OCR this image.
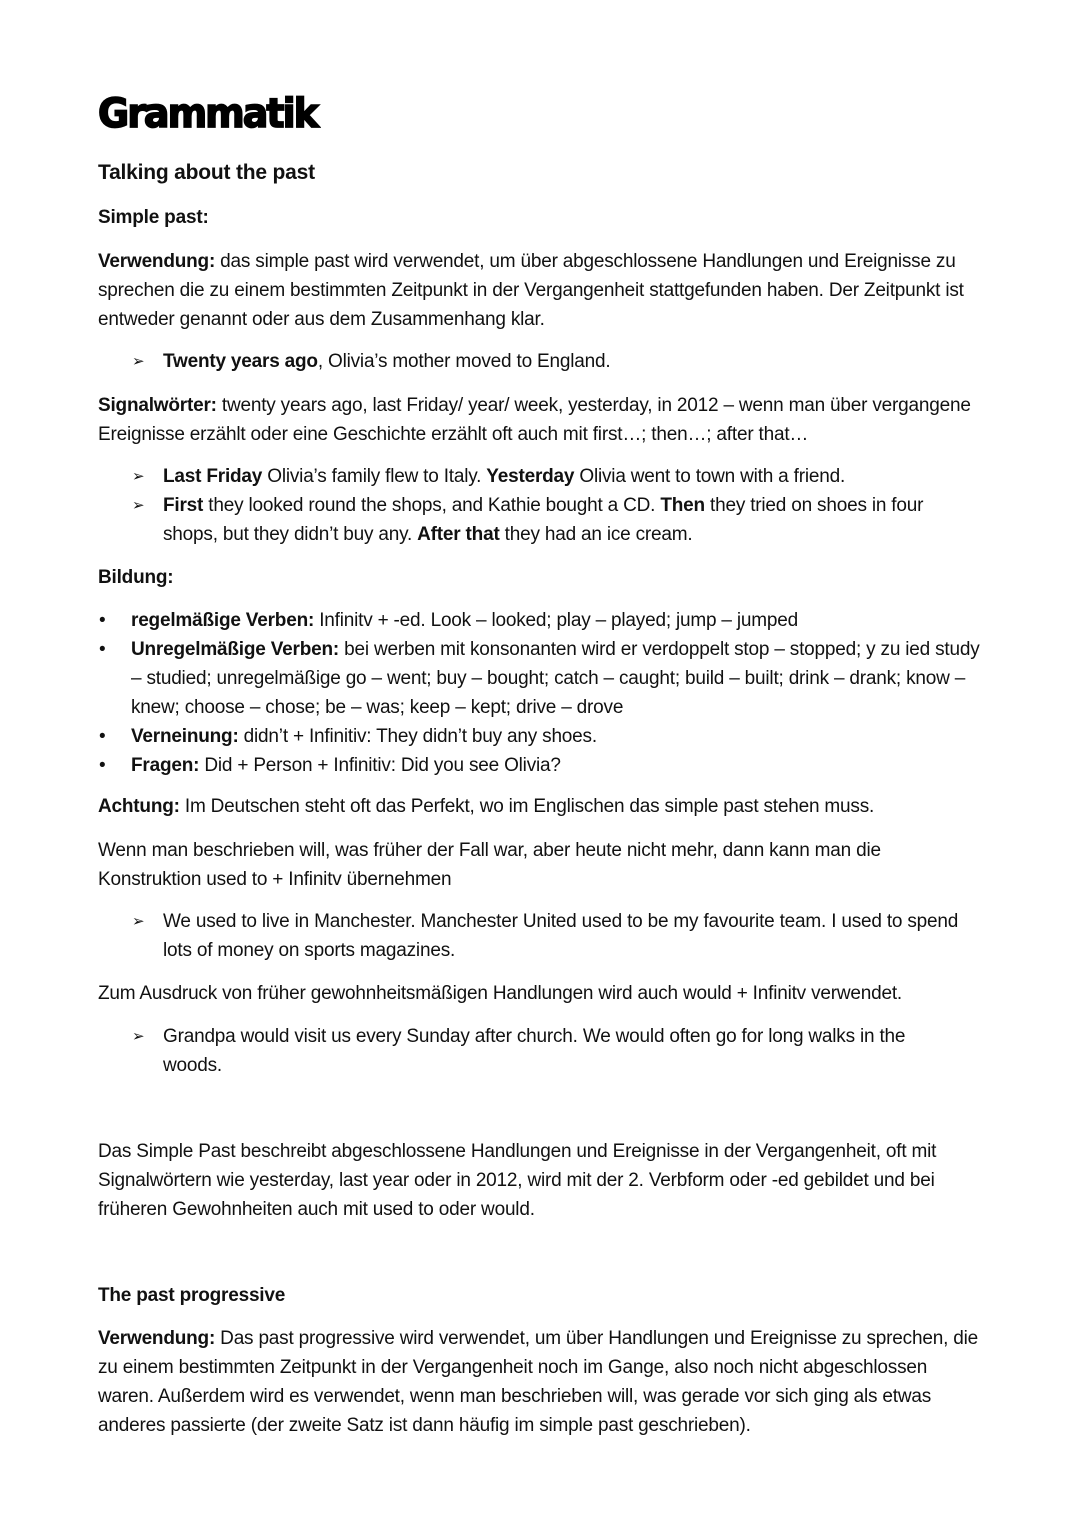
Grammatik
Talking about the past
Simple past:
Verwendung: das simple past wird verwendet, um über abgeschlossene Handlungen und Ereignisse zu sprechen die zu einem bestimmten Zeitpunkt in der Vergangenheit stattgefunden haben. Der Zeitpunkt ist entweder genannt oder aus dem Zusammenhang klar.
➢ Twenty years ago, Olivia’s mother moved to England.
Signalwörter: twenty years ago, last Friday/ year/ week, yesterday, in 2012 – wenn man über vergangene Ereignisse erzählt oder eine Geschichte erzählt oft auch mit first…; then…; after that…
➢ Last Friday Olivia’s family flew to Italy. Yesterday Olivia went to town with a friend.
➢ First they looked round the shops, and Kathie bought a CD. Then they tried on shoes in four shops, but they didn’t buy any. After that they had an ice cream.
Bildung:
• regelmäßige Verben: Infinitv + -ed. Look – looked; play – played; jump – jumped
• Unregelmäßige Verben: bei werben mit konsonanten wird er verdoppelt stop – stopped; y zu ied study – studied; unregelmäßige go – went; buy – bought; catch – caught; build – built; drink – drank; know – knew; choose – chose; be – was; keep – kept; drive – drove
• Verneinung: didn’t + Infinitiv: They didn’t buy any shoes.
• Fragen: Did + Person + Infinitiv: Did you see Olivia?
Achtung: Im Deutschen steht oft das Perfekt, wo im Englischen das simple past stehen muss.
Wenn man beschrieben will, was früher der Fall war, aber heute nicht mehr, dann kann man die Konstruktion used to + Infinitv übernehmen
➢ We used to live in Manchester. Manchester United used to be my favourite team. I used to spend lots of money on sports magazines.
Zum Ausdruck von früher gewohnheitsmäßigen Handlungen wird auch would + Infinitv verwendet.
➢ Grandpa would visit us every Sunday after church. We would often go for long walks in the woods.
Das Simple Past beschreibt abgeschlossene Handlungen und Ereignisse in der Vergangenheit, oft mit Signalwörtern wie yesterday, last year oder in 2012, wird mit der 2. Verbform oder -ed gebildet und bei früheren Gewohnheiten auch mit used to oder would.
The past progressive
Verwendung: Das past progressive wird verwendet, um über Handlungen und Ereignisse zu sprechen, die zu einem bestimmten Zeitpunkt in der Vergangenheit noch im Gange, also noch nicht abgeschlossen waren. Außerdem wird es verwendet, wenn man beschrieben will, was gerade vor sich ging als etwas anderes passierte (der zweite Satz ist dann häufig im simple past geschrieben).
